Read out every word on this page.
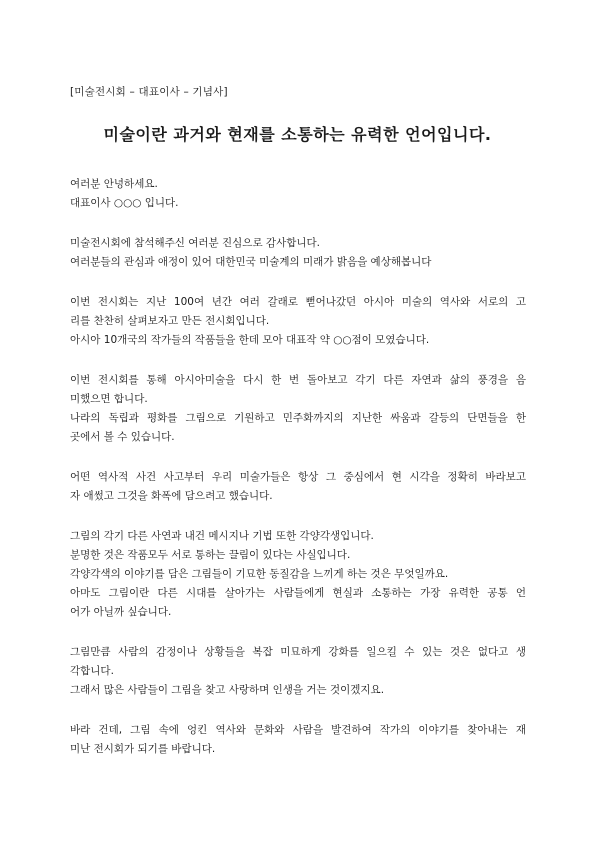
[미술전시회 – 대표이사 – 기념사]
미술이란 과거와 현재를 소통하는 유력한 언어입니다.
여러분 안녕하세요.
대표이사 ○○○ 입니다.
미술전시회에 참석해주신 여러분 진심으로 감사합니다.
여러분들의 관심과 애정이 있어 대한민국 미술계의 미래가 밝음을 예상해봅니다
이번 전시회는 지난 100여 년간 여러 갈래로 뻗어나갔던 아시아 미술의 역사와 서로의 고
리를 찬찬히 살펴보자고 만든 전시회입니다.
아시아 10개국의 작가들의 작품들을 한데 모아 대표작 약 ○○점이 모였습니다.
이번 전시회를 통해 아시아미술을 다시 한 번 돌아보고 각기 다른 자연과 삶의 풍경을 음
미했으면 합니다.
나라의 독립과 평화를 그림으로 기원하고 민주화까지의 지난한 싸움과 갈등의 단면들을 한
곳에서 볼 수 있습니다.
어떤 역사적 사건 사고부터 우리 미술가들은 항상 그 중심에서 현 시각을 정확히 바라보고
자 애썼고 그것을 화폭에 담으려고 했습니다.
그림의 각기 다른 사연과 내건 메시지나 기법 또한 각양각생입니다.
분명한 것은 작품모두 서로 통하는 끌림이 있다는 사실입니다.
각양각색의 이야기를 담은 그림들이 기묘한 동질감을 느끼게 하는 것은 무엇일까요.
아마도 그림이란 다른 시대를 살아가는 사람들에게 현실과 소통하는 가장 유력한 공통 언
어가 아닐까 싶습니다.
그림만큼 사람의 감정이나 상황들을 복잡 미묘하게 강화를 일으킬 수 있는 것은 없다고 생
각합니다.
그래서 많은 사람들이 그림을 찾고 사랑하며 인생을 거는 것이겠지요.
바라 건데, 그림 속에 엉킨 역사와 문화와 사람을 발견하여 작가의 이야기를 찾아내는 재
미난 전시회가 되기를 바랍니다.
